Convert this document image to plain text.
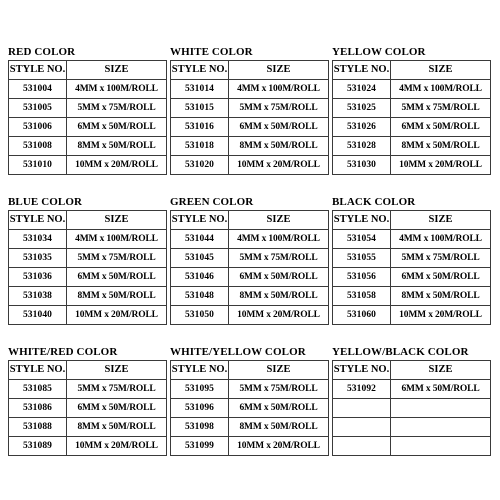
RED COLOR
STYLE NO.	SIZE
531004	4MM x 100M/ROLL
531005	5MM x 75M/ROLL
531006	6MM x 50M/ROLL
531008	8MM x 50M/ROLL
531010	10MM x 20M/ROLL
WHITE COLOR
STYLE NO.	SIZE
531014	4MM x 100M/ROLL
531015	5MM x 75M/ROLL
531016	6MM x 50M/ROLL
531018	8MM x 50M/ROLL
531020	10MM x 20M/ROLL
YELLOW COLOR
STYLE NO.	SIZE
531024	4MM x 100M/ROLL
531025	5MM x 75M/ROLL
531026	6MM x 50M/ROLL
531028	8MM x 50M/ROLL
531030	10MM x 20M/ROLL
BLUE COLOR
STYLE NO.	SIZE
531034	4MM x 100M/ROLL
531035	5MM x 75M/ROLL
531036	6MM x 50M/ROLL
531038	8MM x 50M/ROLL
531040	10MM x 20M/ROLL
GREEN COLOR
STYLE NO.	SIZE
531044	4MM x 100M/ROLL
531045	5MM x 75M/ROLL
531046	6MM x 50M/ROLL
531048	8MM x 50M/ROLL
531050	10MM x 20M/ROLL
BLACK COLOR
STYLE NO.	SIZE
531054	4MM x 100M/ROLL
531055	5MM x 75M/ROLL
531056	6MM x 50M/ROLL
531058	8MM x 50M/ROLL
531060	10MM x 20M/ROLL
WHITE/RED COLOR
STYLE NO.	SIZE
531085	5MM x 75M/ROLL
531086	6MM x 50M/ROLL
531088	8MM x 50M/ROLL
531089	10MM x 20M/ROLL
WHITE/YELLOW COLOR
STYLE NO.	SIZE
531095	5MM x 75M/ROLL
531096	6MM x 50M/ROLL
531098	8MM x 50M/ROLL
531099	10MM x 20M/ROLL
YELLOW/BLACK COLOR
STYLE NO.	SIZE
531092	6MM x 50M/ROLL
